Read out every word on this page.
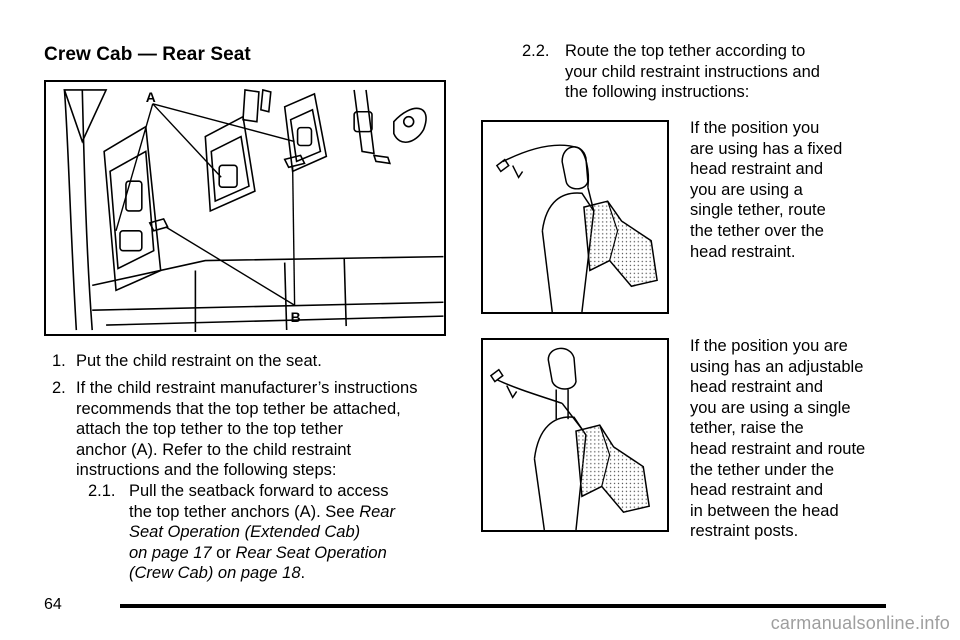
Crew Cab — Rear Seat
A
B
1. Put the child restraint on the seat.
2. If the child restraint manufacturer’s instructions
recommends that the top tether be attached,
attach the top tether to the top tether
anchor (A). Refer to the child restraint
instructions and the following steps:
2.1. Pull the seatback forward to access
the top tether anchors (A). See Rear
Seat Operation (Extended Cab)
on page 17 or Rear Seat Operation
(Crew Cab) on page 18.
2.2. Route the top tether according to
your child restraint instructions and
the following instructions:
If the position you
are using has a fixed
head restraint and
you are using a
single tether, route
the tether over the
head restraint.
If the position you are
using has an adjustable
head restraint and
you are using a single
tether, raise the
head restraint and route
the tether under the
head restraint and
in between the head
restraint posts.
64
carmanualsonline.info
